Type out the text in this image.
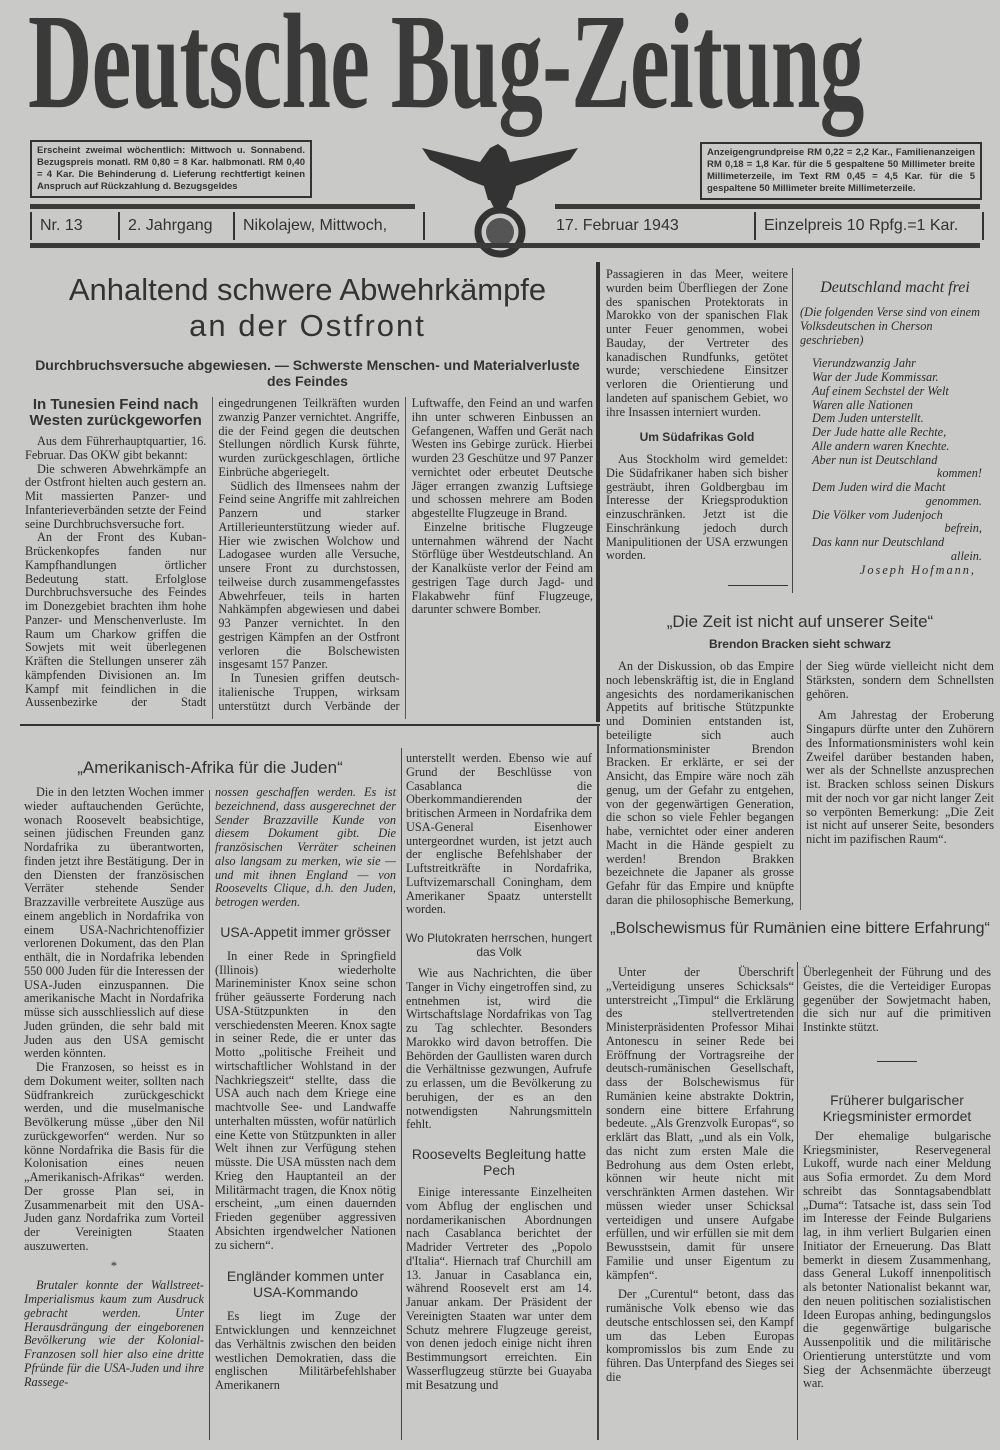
Deutsche Bug-Zeitung
Erscheint zweimal wöchentlich: Mittwoch u. Sonnabend. Bezugspreis monatl. RM 0,80 = 8 Kar. halbmonatl. RM 0,40 = 4 Kar. Die Behinderung d. Lieferung rechtfertigt keinen Anspruch auf Rückzahlung d. Bezugsgeldes
Anzeigengrundpreise RM 0,22 = 2,2 Kar., Familienanzeigen RM 0,18 = 1,8 Kar. für die 5 gespaltene 50 Millimeter breite Millimeterzeile, im Text RM 0,45 = 4,5 Kar. für die 5 gespaltene 50 Millimeter breite Millimeterzeile.
Nr. 13	2. Jahrgang	Nikolajew, Mittwoch,	17. Februar 1943	Einzelpreis 10 Rpfg.=1 Kar.
Anhaltend schwere Abwehrkämpfe
an der Ostfront
Durchbruchsversuche abgewiesen. — Schwerste Menschen- und Materialverluste des Feindes
In Tunesien Feind nach Westen zurückgeworfen

Aus dem Führerhauptquartier, 16. Februar. Das OKW gibt bekannt:

Die schweren Abwehrkämpfe an der Ostfront hielten auch gestern an. Mit massierten Panzer- und Infanterieverbänden setzte der Feind seine Durchbruchsversuche fort.

An der Front des Kuban-Brückenkopfes fanden nur Kampfhandlungen örtlicher Bedeutung statt. Erfolglose Durchbruchsversuche des Feindes im Donezgebiet brachten ihm hohe Panzer- und Menschenverluste. Im Raum um Charkow griffen die Sowjets mit weit überlegenen Kräften die Stellungen unserer zäh kämpfenden Divisionen an. Im Kampf mit feindlichen in die Aussenbezirke der Stadt eingedrungenen Teilkräften wurden zwanzig Panzer vernichtet. Angriffe, die der Feind gegen die deutschen Stellungen nördlich Kursk führte, wurden zurückgeschlagen, örtliche Einbrüche abgeriegelt.

Südlich des Ilmensees nahm der Feind seine Angriffe mit zahlreichen Panzern und starker Artillerieunterstützung wieder auf. Hier wie zwischen Wolchow und Ladogasee wurden alle Versuche, unsere Front zu durchstossen, teilweise durch zusammengefasstes Abwehrfeuer, teils in harten Nahkämpfen abgewiesen und dabei 93 Panzer vernichtet. In den gestrigen Kämpfen an der Ostfront verloren die Bolschewisten insgesamt 157 Panzer.

In Tunesien griffen deutsch-italienische Truppen, wirksam unterstützt durch Verbände der Luftwaffe, den Feind an und warfen ihn unter schweren Einbussen an Gefangenen, Waffen und Gerät nach Westen ins Gebirge zurück. Hierbei wurden 23 Geschütze und 97 Panzer vernichtet oder erbeutet Deutsche Jäger errangen zwanzig Luftsiege und schossen mehrere am Boden abgestellte Flugzeuge in Brand.

Einzelne britische Flugzeuge unternahmen während der Nacht Störflüge über Westdeutschland. An der Kanalküste verlor der Feind am gestrigen Tage durch Jagd- und Flakabwehr fünf Flugzeuge, darunter schwere Bomber.

Passagieren in das Meer, weitere wurden beim Überfliegen der Zone des spanischen Protektorats in Marokko von der spanischen Flak unter Feuer genommen, wobei Bauday, der Vertreter des kanadischen Rundfunks, getötet wurde; verschiedene Einsitzer verloren die Orientierung und landeten auf spanischem Gebiet, wo ihre Insassen interniert wurden.

Um Südafrikas Gold

Aus Stockholm wird gemeldet: Die Südafrikaner haben sich bisher gesträubt, ihren Goldbergbau im Interesse der Kriegsproduktion einzuschränken. Jetzt ist die Einschränkung jedoch durch Manipulitionen der USA erzwungen worden.

Deutschland macht frei
(Die folgenden Verse sind von einem Volksdeutschen in Cherson geschrieben)
Vierundzwanzig Jahr
War der Jude Kommissar.
Auf einem Sechstel der Welt
Waren alle Nationen
Dem Juden unterstellt.
Der Jude hatte alle Rechte,
Alle andern waren Knechte.
Aber nun ist Deutschland
kommen!
Dem Juden wird die Macht
genommen.
Die Völker vom Judenjoch
befrein,
Das kann nur Deutschland
allein.
Joseph Hofmann,
„Die Zeit ist nicht auf unserer Seite“
Brendon Bracken sieht schwarz

An der Diskussion, ob das Empire noch lebenskräftig ist, die in England angesichts des nordamerikanischen Appetits auf britische Stützpunkte und Dominien entstanden ist, beteiligte sich auch Informationsminister Brendon Bracken. Er erklärte, er sei der Ansicht, das Empire wäre noch zäh genug, um der Gefahr zu entgehen, von der gegenwärtigen Generation, die schon so viele Fehler begangen habe, vernichtet oder einer anderen Macht in die Hände gespielt zu werden! Brendon Brakken bezeichnete die Japaner als grosse Gefahr für das Empire und knüpfte daran die philosophische Bemerkung, der Sieg würde vielleicht nicht dem Stärksten, sondern dem Schnellsten gehören.

Am Jahrestag der Eroberung Singapurs dürfte unter den Zuhörern des Informationsministers wohl kein Zweifel darüber bestanden haben, wer als der Schnellste anzusprechen ist. Bracken schloss seinen Diskurs mit der noch vor gar nicht langer Zeit so verpönten Bemerkung: „Die Zeit ist nicht auf unserer Seite, besonders nicht im pazifischen Raum“.

„Amerikanisch-Afrika für die Juden“

Die in den letzten Wochen immer wieder auftauchenden Gerüchte, wonach Roosevelt beabsichtige, seinen jüdischen Freunden ganz Nordafrika zu überantworten, finden jetzt ihre Bestätigung. Der in den Diensten der französischen Verräter stehende Sender Brazzaville verbreitete Auszüge aus einem angeblich in Nordafrika von einem USA-Nachrichtenoffizier verlorenen Dokument, das den Plan enthält, die in Nordafrika lebenden 550 000 Juden für die Interessen der USA-Juden einzuspannen. Die amerikanische Macht in Nordafrika müsse sich ausschliesslich auf diese Juden gründen, die sehr bald mit Juden aus den USA gemischt werden könnten.

Die Franzosen, so heisst es in dem Dokument weiter, sollten nach Südfrankreich zurückgeschickt werden, und die muselmanische Bevölkerung müsse „über den Nil zurückgeworfen“ werden. Nur so könne Nordafrika die Basis für die Kolonisation eines neuen „Amerikanisch-Afrikas“ werden. Der grosse Plan sei, in Zusammenarbeit mit den USA-Juden ganz Nordafrika zum Vorteil der Vereinigten Staaten auszuwerten.

*

Brutaler konnte der Wallstreet-Imperialismus kaum zum Ausdruck gebracht werden. Unter Herausdrängung der eingeborenen Bevölkerung wie der Kolonial-Franzosen soll hier also eine dritte Pfründe für die USA-Juden und ihre Rassege-

nossen geschaffen werden. Es ist bezeichnend, dass ausgerechnet der Sender Brazzaville Kunde von diesem Dokument gibt. Die französischen Verräter scheinen also langsam zu merken, wie sie — und mit ihnen England — von Roosevelts Clique, d.h. den Juden, betrogen werden.

USA-Appetit immer grösser

In einer Rede in Springfield (Illinois) wiederholte Marineminister Knox seine schon früher geäusserte Forderung nach USA-Stützpunkten in den verschiedensten Meeren. Knox sagte in seiner Rede, die er unter das Motto „politische Freiheit und wirtschaftlicher Wohlstand in der Nachkriegszeit“ stellte, dass die USA auch nach dem Kriege eine machtvolle See- und Landwaffe unterhalten müssten, wofür natürlich eine Kette von Stützpunkten in aller Welt ihnen zur Verfügung stehen müsste. Die USA müssten nach dem Krieg den Hauptanteil an der Militärmacht tragen, die Knox nötig erscheint, „um einen dauernden Frieden gegenüber aggressiven Absichten irgendwelcher Nationen zu sichern“.

Engländer kommen unter USA-Kommando

Es liegt im Zuge der Entwicklungen und kennzeichnet das Verhältnis zwischen den beiden westlichen Demokratien, dass die englischen Militärbefehlshaber Amerikanern

unterstellt werden. Ebenso wie auf Grund der Beschlüsse von Casablanca die Oberkommandierenden der britischen Armeen in Nordafrika dem USA-General Eisenhower untergeordnet wurden, ist jetzt auch der englische Befehlshaber der Luftstreitkräfte in Nordafrika, Luftvizemarschall Coningham, dem Amerikaner Spaatz unterstellt worden.

Wo Plutokraten herrschen, hungert das Volk

Wie aus Nachrichten, die über Tanger in Vichy eingetroffen sind, zu entnehmen ist, wird die Wirtschaftslage Nordafrikas von Tag zu Tag schlechter. Besonders Marokko wird davon betroffen. Die Behörden der Gaullisten waren durch die Verhältnisse gezwungen, Aufrufe zu erlassen, um die Bevölkerung zu beruhigen, der es an den notwendigsten Nahrungsmitteln fehlt.

Roosevelts Begleitung hatte Pech

Einige interessante Einzelheiten vom Abflug der englischen und nordamerikanischen Abordnungen nach Casablanca berichtet der Madrider Vertreter des „Popolo d'Italia“. Hiernach traf Churchill am 13. Januar in Casablanca ein, während Roosevelt erst am 14. Januar ankam. Der Präsident der Vereinigten Staaten war unter dem Schutz mehrere Flugzeuge gereist, von denen jedoch einige nicht ihren Bestimmungsort erreichten. Ein Wasserflugzeug stürzte bei Guayaba mit Besatzung und

„Bolschewismus für Rumänien eine bittere Erfahrung“

Unter der Überschrift „Verteidigung unseres Schicksals“ unterstreicht „Timpul“ die Erklärung des stellvertretenden Ministerpräsidenten Professor Mihai Antonescu in seiner Rede bei Eröffnung der Vortragsreihe der deutsch-rumänischen Gesellschaft, dass der Bolschewismus für Rumänien keine abstrakte Doktrin, sondern eine bittere Erfahrung bedeute. „Als Grenzvolk Europas“, so erklärt das Blatt, „und als ein Volk, das nicht zum ersten Male die Bedrohung aus dem Osten erlebt, können wir heute nicht mit verschränkten Armen dastehen. Wir müssen wieder unser Schicksal verteidigen und unsere Aufgabe erfüllen, und wir erfüllen sie mit dem Bewusstsein, damit für unsere Familie und unser Eigentum zu kämpfen“.

Der „Curentul“ betont, dass das rumänische Volk ebenso wie das deutsche entschlossen sei, den Kampf um das Leben Europas kompromisslos bis zum Ende zu führen. Das Unterpfand des Sieges sei die

Überlegenheit der Führung und des Geistes, die die Verteidiger Europas gegenüber der Sowjetmacht haben, die sich nur auf die primitiven Instinkte stützt.

Früherer bulgarischer Kriegsminister ermordet

Der ehemalige bulgarische Kriegsminister, Reservegeneral Lukoff, wurde nach einer Meldung aus Sofia ermordet. Zu dem Mord schreibt das Sonntagsabendblatt „Duma“: Tatsache ist, dass sein Tod im Interesse der Feinde Bulgariens lag, in ihm verliert Bulgarien einen Initiator der Erneuerung. Das Blatt bemerkt in diesem Zusammenhang, dass General Lukoff innenpolitisch als betonter Nationalist bekannt war, den neuen politischen sozialistischen Ideen Europas anhing, bedingungslos die gegenwärtige bulgarische Aussenpolitik und die militärische Orientierung unterstützte und vom Sieg der Achsenmächte überzeugt war.
